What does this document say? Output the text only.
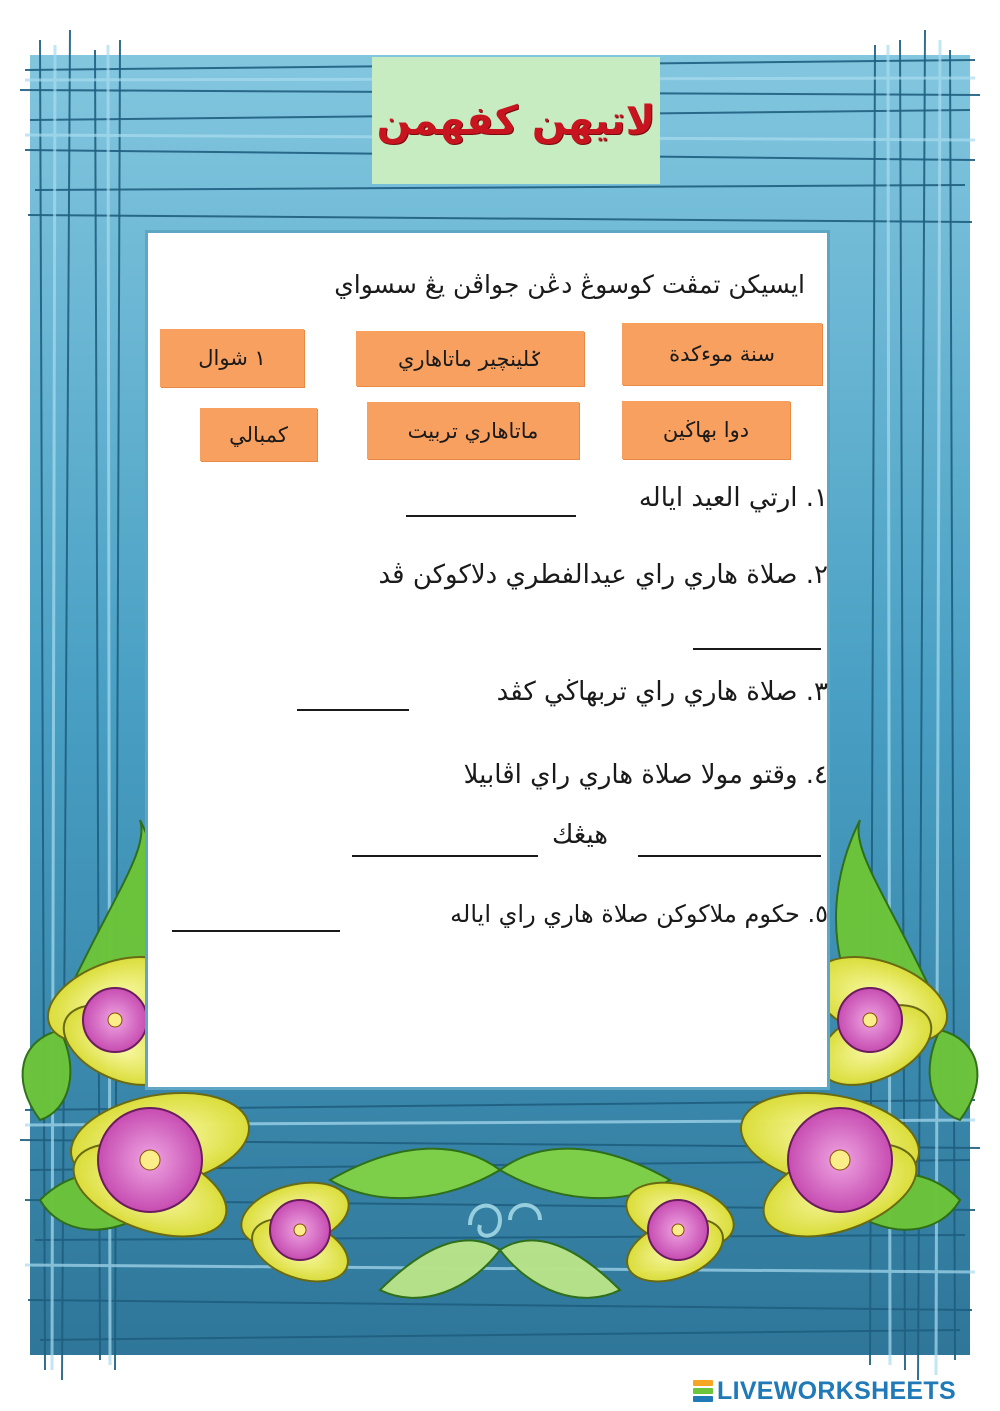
لاتيهن كفهمن
ايسيكن تمڤت كوسوڠ دڠن جواڤن يڠ سسواي
سنة موءكدة
ݢلينچير ماتاهاري
١ شوال
دوا بهاڬين
ماتاهاري تربيت
كمبالي
١. ارتي العيد اياله
٢. صلاة هاري راي عيدالفطري دلاكوكن ڤد
٣. صلاة هاري راي تربهاڬي كڤد
٤. وقتو مولا صلاة هاري راي اڤابيلا
هيڠك
٥. حكوم ملاكوكن صلاة هاري راي اياله
LIVEWORKSHEETS
